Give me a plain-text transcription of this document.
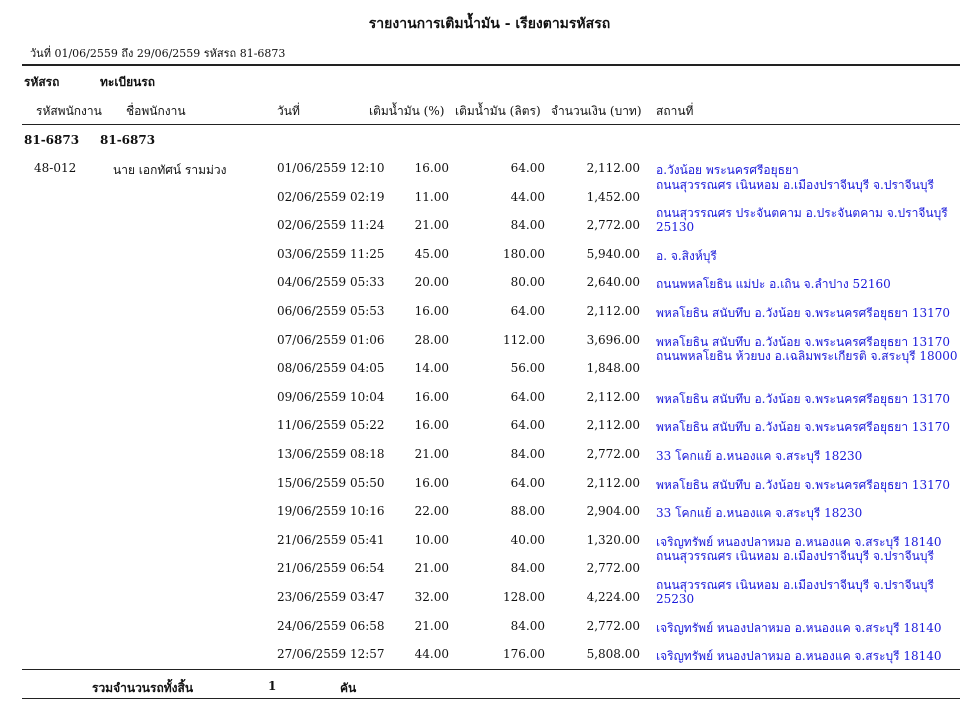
รายงานการเติมน้ำมัน - เรียงตามรหัสรถ
วันที่ 01/06/2559 ถึง 29/06/2559 รหัสรถ 81-6873
รหัสรถ	ทะเบียนรถ
รหัสพนักงาน ชื่อพนักงาน	วันที่	เติมน้ำมัน (%) เติมน้ำมัน (ลิตร) จำนวนเงิน (บาท) สถานที่
81-6873 81-6873
48-012	นาย เอกทัศน์ รามม่วง	01/06/2559 12:10	16.00	64.00	2,112.00 อ.วังน้อย พระนครศรีอยุธยา
02/06/2559 02:19	11.00	44.00	1,452.00
ถนนสุวรรณศร เนินหอม อ.เมืองปราจีนบุรี จ.ปราจีนบุรี
02/06/2559 11:24	21.00	84.00	2,772.00
ถนนสุวรรณศร ประจันตคาม อ.ประจันตคาม จ.ปราจีนบุรี 25130
03/06/2559 11:25	45.00	180.00	5,940.00 อ. จ.สิงห์บุรี
04/06/2559 05:33	20.00	80.00	2,640.00 ถนนพหลโยธิน แม่ปะ อ.เถิน จ.ลำปาง 52160
06/06/2559 05:53	16.00	64.00	2,112.00 พหลโยธิน สนับทึบ อ.วังน้อย จ.พระนครศรีอยุธยา 13170
07/06/2559 01:06	28.00	112.00	3,696.00 พหลโยธิน สนับทึบ อ.วังน้อย จ.พระนครศรีอยุธยา 13170
08/06/2559 04:05	14.00	56.00	1,848.00
ถนนพหลโยธิน ห้วยบง อ.เฉลิมพระเกียรติ จ.สระบุรี 18000
09/06/2559 10:04	16.00	64.00	2,112.00 พหลโยธิน สนับทึบ อ.วังน้อย จ.พระนครศรีอยุธยา 13170
11/06/2559 05:22	16.00	64.00	2,112.00 พหลโยธิน สนับทึบ อ.วังน้อย จ.พระนครศรีอยุธยา 13170
13/06/2559 08:18	21.00	84.00	2,772.00 33 โคกแย้ อ.หนองแค จ.สระบุรี 18230
15/06/2559 05:50	16.00	64.00	2,112.00 พหลโยธิน สนับทึบ อ.วังน้อย จ.พระนครศรีอยุธยา 13170
19/06/2559 10:16	22.00	88.00	2,904.00 33 โคกแย้ อ.หนองแค จ.สระบุรี 18230
21/06/2559 05:41	10.00	40.00	1,320.00 เจริญทรัพย์ หนองปลาหมอ อ.หนองแค จ.สระบุรี 18140
21/06/2559 06:54	21.00	84.00	2,772.00
ถนนสุวรรณศร เนินหอม อ.เมืองปราจีนบุรี จ.ปราจีนบุรี
23/06/2559 03:47	32.00	128.00	4,224.00
ถนนสุวรรณศร เนินหอม อ.เมืองปราจีนบุรี จ.ปราจีนบุรี 25230
24/06/2559 06:58	21.00	84.00	2,772.00 เจริญทรัพย์ หนองปลาหมอ อ.หนองแค จ.สระบุรี 18140
27/06/2559 12:57	44.00	176.00	5,808.00 เจริญทรัพย์ หนองปลาหมอ อ.หนองแค จ.สระบุรี 18140
รวมจำนวนรถทั้งสิ้น	1	คัน
